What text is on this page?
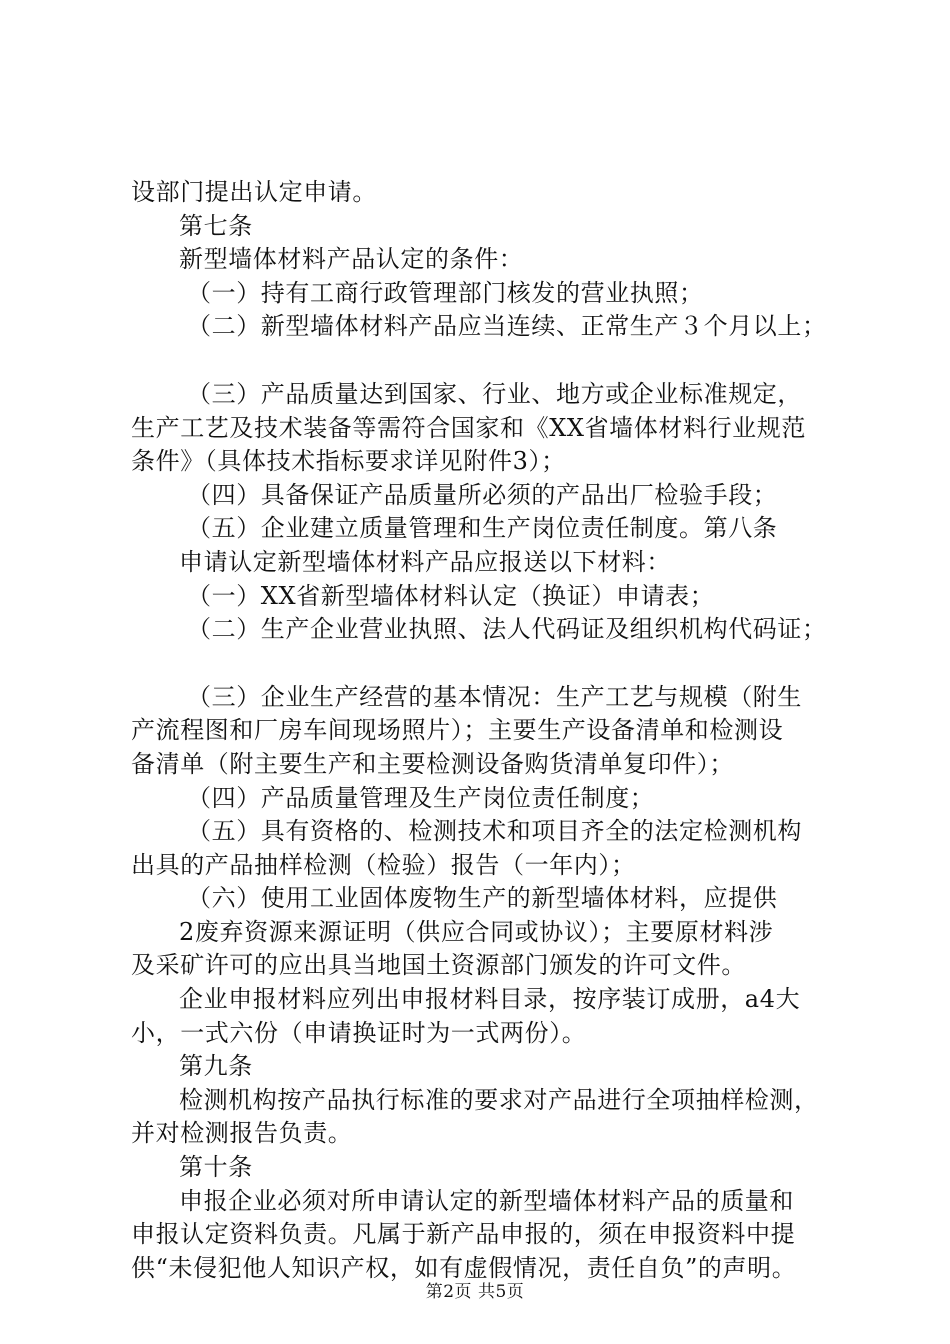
设部门提出认定申请。
第七条
新型墙体材料产品认定的条件：
（一）持有工商行政管理部门核发的营业执照；
（二）新型墙体材料产品应当连续、正常生产３个月以上；
（三）产品质量达到国家、行业、地方或企业标准规定，
生产工艺及技术装备等需符合国家和《XX省墙体材料行业规范
条件》（具体技术指标要求详见附件3）；
（四）具备保证产品质量所必须的产品出厂检验手段；
（五）企业建立质量管理和生产岗位责任制度。第八条
申请认定新型墙体材料产品应报送以下材料：
（一）XX省新型墙体材料认定（换证）申请表；
（二）生产企业营业执照、法人代码证及组织机构代码证；
（三）企业生产经营的基本情况：生产工艺与规模（附生
产流程图和厂房车间现场照片）；主要生产设备清单和检测设
备清单（附主要生产和主要检测设备购货清单复印件）；
（四）产品质量管理及生产岗位责任制度；
（五）具有资格的、检测技术和项目齐全的法定检测机构
出具的产品抽样检测（检验）报告（一年内）；
（六）使用工业固体废物生产的新型墙体材料，应提供
2废弃资源来源证明（供应合同或协议）；主要原材料涉
及采矿许可的应出具当地国土资源部门颁发的许可文件。
企业申报材料应列出申报材料目录，按序装订成册，a4大
小，一式六份（申请换证时为一式两份）。
第九条
检测机构按产品执行标准的要求对产品进行全项抽样检测，
并对检测报告负责。
第十条
申报企业必须对所申请认定的新型墙体材料产品的质量和
申报认定资料负责。凡属于新产品申报的，须在申报资料中提
供“未侵犯他人知识产权，如有虚假情况，责任自负”的声明。
第2页 共5页
